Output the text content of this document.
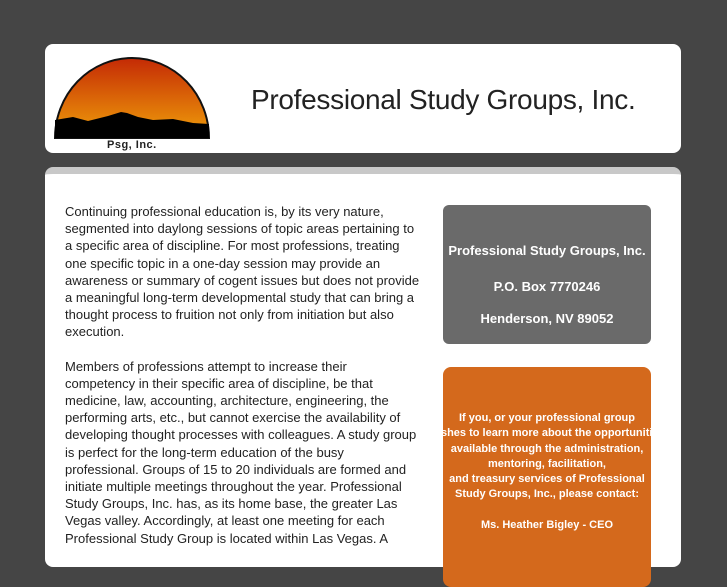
Psg, Inc.
Professional Study Groups, Inc.

Continuing professional education is, by its very nature, segmented into daylong sessions of topic areas pertaining to a specific area of discipline. For most professions, treating one specific topic in a one-day session may provide an awareness or summary of cogent issues but does not provide a meaningful long-term developmental study that can bring a thought process to fruition not only from initiation but also execution.

Members of professions attempt to increase their competency in their specific area of discipline, be that medicine, law, accounting, architecture, engineering, the performing arts, etc., but cannot exercise the availability of developing thought processes with colleagues. A study group is perfect for the long-term education of the busy professional. Groups of 15 to 20 individuals are formed and initiate multiple meetings throughout the year. Professional Study Groups, Inc. has, as its home base, the greater Las Vegas valley. Accordingly, at least one meeting for each Professional Study Group is located within Las Vegas. A

Professional Study Groups, Inc.
P.O. Box 7770246
Henderson, NV 89052
If you, or your professional group
wishes to learn more about the opportunities
available through the administration,
mentoring, facilitation,
and treasury services of Professional
Study Groups, Inc., please contact:
Ms. Heather Bigley - CEO
